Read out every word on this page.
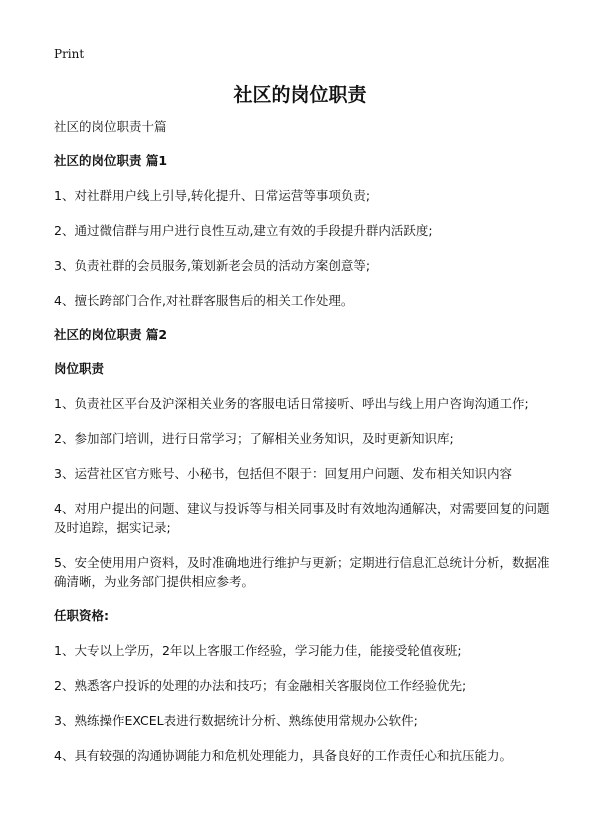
Print
社区的岗位职责
社区的岗位职责十篇
社区的岗位职责 篇1
1、对社群用户线上引导,转化提升、日常运营等事项负责;
2、通过微信群与用户进行良性互动,建立有效的手段提升群内活跃度;
3、负责社群的会员服务,策划新老会员的活动方案创意等;
4、擅长跨部门合作,对社群客服售后的相关工作处理。
社区的岗位职责 篇2
岗位职责
1、负责社区平台及沪深相关业务的客服电话日常接听、呼出与线上用户咨询沟通工作;
2、参加部门培训，进行日常学习；了解相关业务知识，及时更新知识库;
3、运营社区官方账号、小秘书，包括但不限于：回复用户问题、发布相关知识内容
4、对用户提出的问题、建议与投诉等与相关同事及时有效地沟通解决，对需要回复的问题及时追踪，据实记录;
5、安全使用用户资料，及时准确地进行维护与更新；定期进行信息汇总统计分析，数据准确清晰，为业务部门提供相应参考。
任职资格:
1、大专以上学历，2年以上客服工作经验，学习能力佳，能接受轮值夜班;
2、熟悉客户投诉的处理的办法和技巧；有金融相关客服岗位工作经验优先;
3、熟练操作EXCEL表进行数据统计分析、熟练使用常规办公软件;
4、具有较强的沟通协调能力和危机处理能力，具备良好的工作责任心和抗压能力。
